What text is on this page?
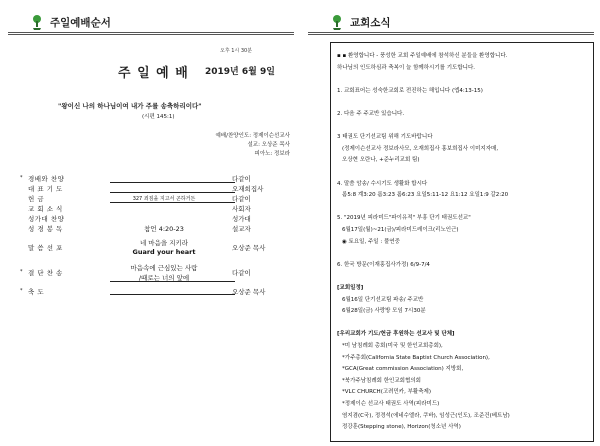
주일예배순서
오후 1시 30분
주 일 예 배 2019년 6월 9일
"왕이신 나의 하나님이여 내가 주를 송축하리이다"
(시편 145:1)
예배/찬양인도: 정제이슨선교사
설교: 오상준 목사
피아노: 정보라
* 경배와 찬양	다같이
대 표 기 도	오재희집사
헌 금	327 죄짐을 지고서 곤하거든	다같이
교 회 소 식	사회자
성가대 찬양	성가대
성 경 봉 독	참언 4:20-23	설교자
말 씀 선 포
네 마음을 지키라
Guard your heart	오상준 목사
* 결 단 찬 송
마음속에 근심있는 사람
/때로는 너의 앞에
다같이
* 축 도	오상준 목사
교회소식
▪ ▪ 환영합니다 - 풍성한 교회 주일예배에 참석하신 분들을 환영합니다.
하나님의 인도하심과 축복이 늘 함께하시기를 기도합니다.
1. 교회표어는 성숙한교회로 전진하는 해입니다 (엡4:13-15)
2. 다음 주 주교반 있습니다.
3 태권도 단기선교팀 위해 기도바랍니다
(정제이슨선교사 정보라사모, 오재희집사 홍보희집사 이미지자매,
오상현 오란나, +준누리교회 팀)
4. 말씀 암송/ 수시기도 생활화 합시다
롬5:8 계3:20 롬3:23 롬6:23 요일5:11-12 요1:12 요일1:9 갈2:20
5. "2019년 피라미드"파이유적" 부흥 단기 태권도선교"
6월17일(월)~21(금)/피라미드레이크(리노인근)
◉ 토요일, 주일 : 풀연중
6. 한국 방문(이재홍집사가정) 6/9-7/4
[교회일정]
6월16일 단기선교팀 파송/ 주교반
6월28일(금) 사랑방 모임 7시30분
[우리교회가 기도/헌금 후원하는 선교사 및 단체]
*미 남침례회 총회(미국 및 한인교회총회),
*가주총회(California State Baptist Church Association),
*GCA(Great commission Association) 지방회,
*북가주남침례회 한인교회협의회
*VLC CHURCH(고려민카, 부활축제)
*정제이슨 선교사 태권도 사역(피라미드)
염지겸(C국), 정경석(에네수엘라, 쿠바), 임성근(인도), 조준건(베트남)
정강훈(Stepping stone), Horizon(청소년 사역)
